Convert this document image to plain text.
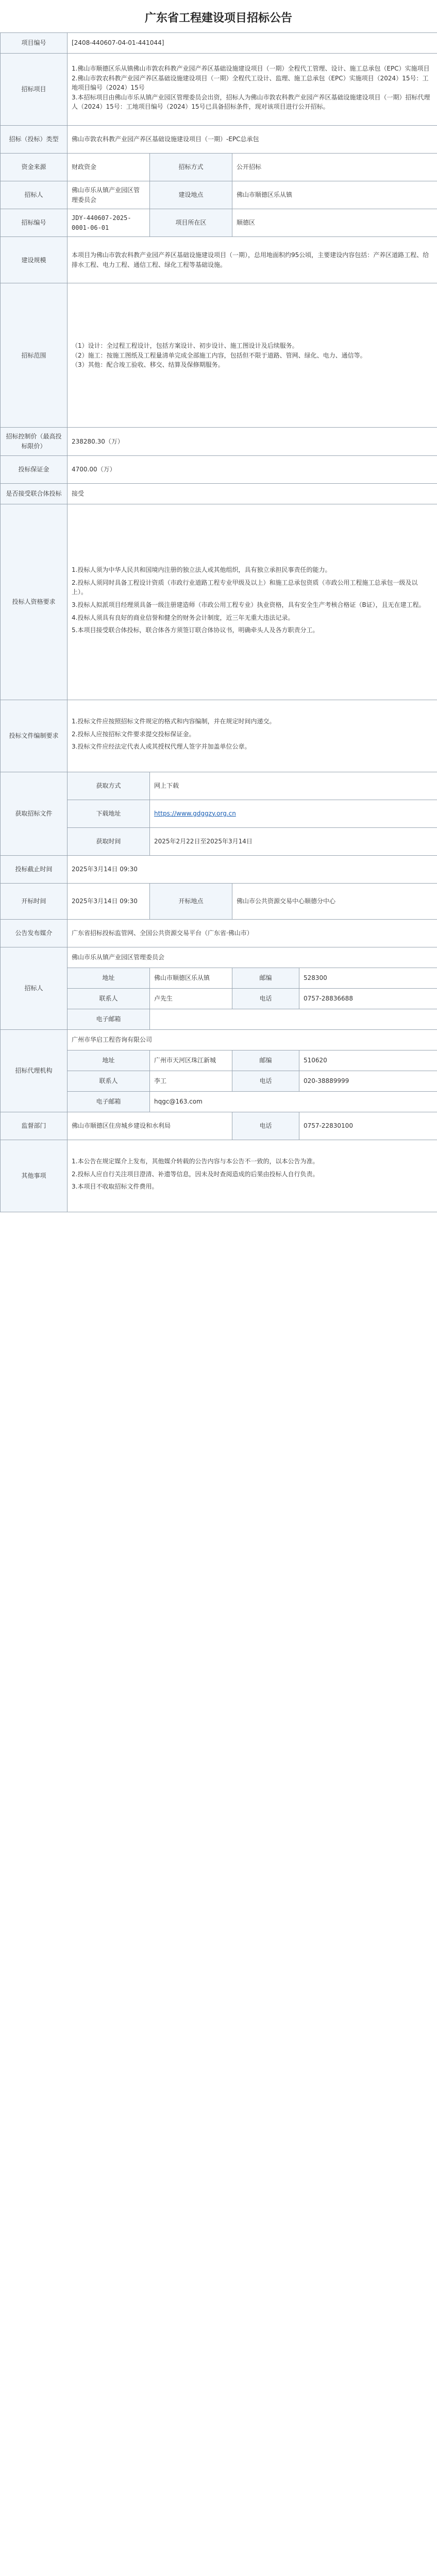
广东省工程建设项目招标公告
项目编号	[2408-440607-04-01-441044]			
招标项目	1.佛山市顺德区乐从镇佛山市敦农科教产业园产养区基础设施建设项目（一期）全程代工管理、设计、施工总承包（EPC）实施项目
2.佛山市敦农科教产业园产养区基础设施建设项目（一期）全程代工设计、监理、施工总承包（EPC）实施项目（2024）15号：工地项目编号（2024）15号
3.本招标项目由佛山市乐从镇产业园区管理委员会出资，招标人为佛山市敦农科教产业园产养区基础设施建设项目（一期）招标代理人（2024）15号：工地项目编号（2024）15号已具备招标条件，现对该项目进行公开招标。			

招标（投标）类型	佛山市敦农科教产业园产养区基础设施建设项目（一期）-EPC总承包			
资金来源	财政资金	招标方式	公开招标	
招标人	佛山市乐从镇产业园区管理委员会	建设地点	佛山市顺德区乐从镇	
招标编号	JDY-440607-2025-0001-06-01	项目所在区	顺德区	
建设规模	本项目为佛山市敦农科教产业园产养区基础设施建设项目（一期），总用地面积约95公顷，主要建设内容包括：产养区道路工程、给排水工程、电力工程、通信工程、绿化工程等基础设施。			
招标范围	（1）设计：全过程工程设计，包括方案设计、初步设计、施工图设计及后续服务。
（2）施工：按施工图纸及工程量清单完成全部施工内容，包括但不限于道路、管网、绿化、电力、通信等。
（3）其他：配合竣工验收、移交、结算及保修期服务。			

招标控制价（最高投标限价）	238280.30（万）			
投标保证金	4700.00（万）			
是否接受联合体投标	接受			
投标人资格要求	1.投标人须为中华人民共和国境内注册的独立法人或其他组织，具有独立承担民事责任的能力。
2.投标人须同时具备工程设计资质（市政行业道路工程专业甲级及以上）和施工总承包资质（市政公用工程施工总承包一级及以上）。
3.投标人拟派项目经理须具备一级注册建造师（市政公用工程专业）执业资格，具有安全生产考核合格证（B证），且无在建工程。
4.投标人须具有良好的商业信誉和健全的财务会计制度，近三年无重大违法记录。
5.本项目接受联合体投标，联合体各方须签订联合体协议书，明确牵头人及各方职责分工。			

投标文件编制要求	1.投标文件应按照招标文件规定的格式和内容编制，并在规定时间内递交。
2.投标人应按招标文件要求提交投标保证金。
3.投标文件应经法定代表人或其授权代理人签字并加盖单位公章。			

获取招标文件	获取方式	网上下载		
	下载地址	https://www.gdggzy.org.cn		
	获取时间	2025年2月22日至2025年3月14日		
投标截止时间	2025年3月14日 09:30			
开标时间	2025年3月14日 09:30	开标地点	佛山市公共资源交易中心顺德分中心	
公告发布媒介	广东省招标投标监管网、全国公共资源交易平台（广东省·佛山市）			
招标人	佛山市乐从镇产业园区管理委员会			
	地址	佛山市顺德区乐从镇	邮编	528300
	联系人	卢先生	电话	0757-28836688
	电子邮箱			
招标代理机构	广州市华启工程咨询有限公司			
	地址	广州市天河区珠江新城	邮编	510620
	联系人	李工	电话	020-38889999
	电子邮箱	hqgc@163.com		
监督部门	佛山市顺德区住房城乡建设和水利局		电话	0757-22830100
其他事项	1.本公告在规定媒介上发布，其他媒介转载的公告内容与本公告不一致的，以本公告为准。
2.投标人应自行关注项目澄清、补遗等信息，因未及时查阅造成的后果由投标人自行负责。
3.本项目不收取招标文件费用。			
